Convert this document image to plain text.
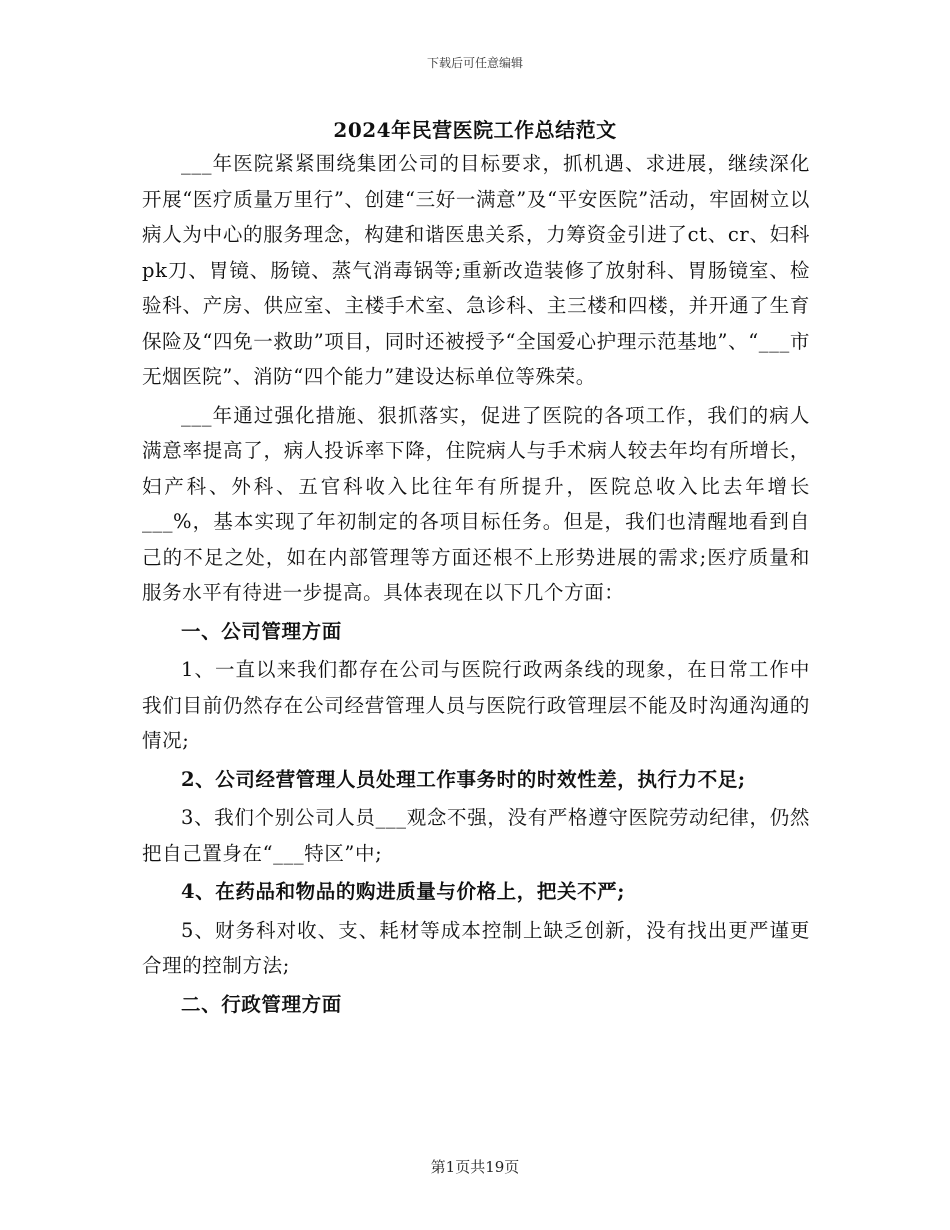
下载后可任意编辑
2024年民营医院工作总结范文

___年医院紧紧围绕集团公司的目标要求，抓机遇、求进展，继续深化开展“医疗质量万里行”、创建“三好一满意”及“平安医院”活动，牢固树立以病人为中心的服务理念，构建和谐医患关系，力筹资金引进了ct、cr、妇科pk刀、胃镜、肠镜、蒸气消毒锅等;重新改造装修了放射科、胃肠镜室、检验科、产房、供应室、主楼手术室、急诊科、主三楼和四楼，并开通了生育保险及“四免一救助”项目，同时还被授予“全国爱心护理示范基地”、“___市无烟医院”、消防“四个能力”建设达标单位等殊荣。

___年通过强化措施、狠抓落实，促进了医院的各项工作，我们的病人满意率提高了，病人投诉率下降，住院病人与手术病人较去年均有所增长，妇产科、外科、五官科收入比往年有所提升，医院总收入比去年增长___%，基本实现了年初制定的各项目标任务。但是，我们也清醒地看到自己的不足之处，如在内部管理等方面还根不上形势进展的需求;医疗质量和服务水平有待进一步提高。具体表现在以下几个方面：

一、公司管理方面

1、一直以来我们都存在公司与医院行政两条线的现象，在日常工作中我们目前仍然存在公司经营管理人员与医院行政管理层不能及时沟通沟通的情况;

2、公司经营管理人员处理工作事务时的时效性差，执行力不足;

3、我们个别公司人员___观念不强，没有严格遵守医院劳动纪律，仍然把自己置身在“___特区”中;

4、在药品和物品的购进质量与价格上，把关不严;

5、财务科对收、支、耗材等成本控制上缺乏创新，没有找出更严谨更合理的控制方法;

二、行政管理方面

第1页共19页
